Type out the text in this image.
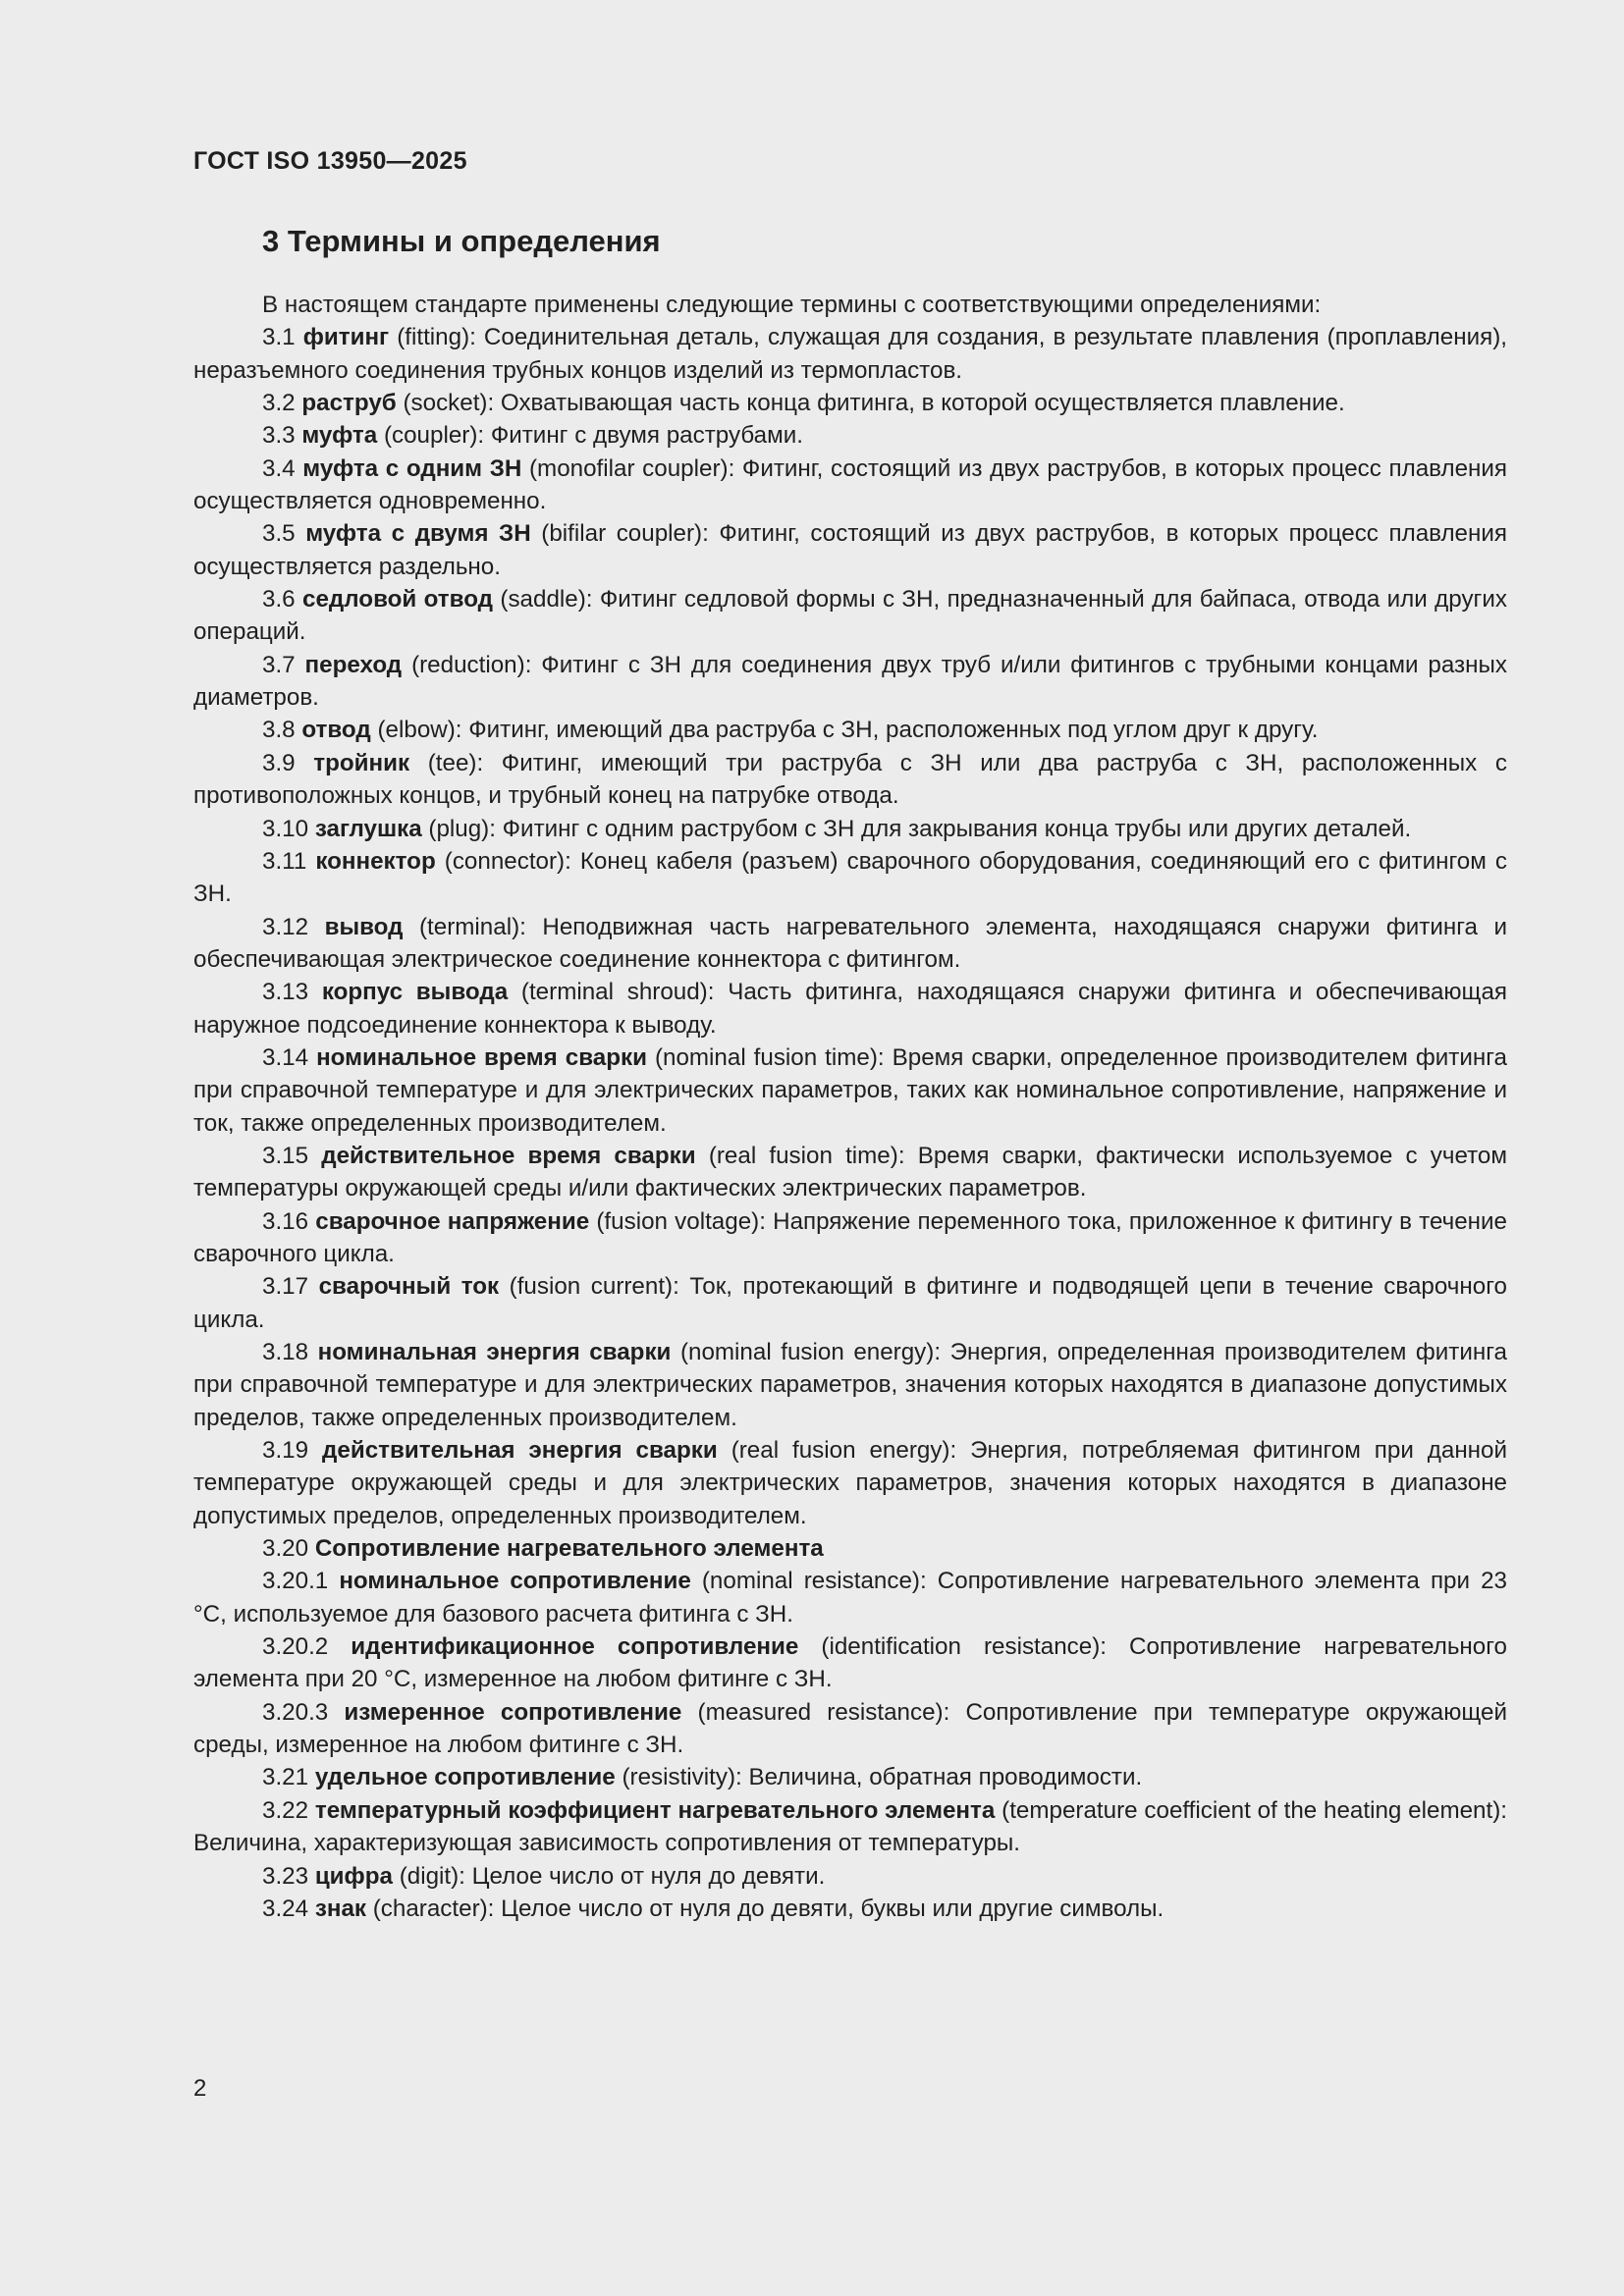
ГОСТ ISO 13950—2025
3 Термины и определения

В настоящем стандарте применены следующие термины с соответствующими определениями:

3.1 фитинг (fitting): Соединительная деталь, служащая для создания, в результате плавления (проплавления), неразъемного соединения трубных концов изделий из термопластов.

3.2 раструб (socket): Охватывающая часть конца фитинга, в которой осуществляется плавление.

3.3 муфта (coupler): Фитинг с двумя раструбами.

3.4 муфта с одним ЗН (monofilar coupler): Фитинг, состоящий из двух раструбов, в которых процесс плавления осуществляется одновременно.

3.5 муфта с двумя ЗН (bifilar coupler): Фитинг, состоящий из двух раструбов, в которых процесс плавления осуществляется раздельно.

3.6 седловой отвод (saddle): Фитинг седловой формы с ЗН, предназначенный для байпаса, отвода или других операций.

3.7 переход (reduction): Фитинг с ЗН для соединения двух труб и/или фитингов с трубными концами разных диаметров.

3.8 отвод (elbow): Фитинг, имеющий два раструба с ЗН, расположенных под углом друг к другу.

3.9 тройник (tee): Фитинг, имеющий три раструба с ЗН или два раструба с ЗН, расположенных с противоположных концов, и трубный конец на патрубке отвода.

3.10 заглушка (plug): Фитинг с одним раструбом с ЗН для закрывания конца трубы или других деталей.

3.11 коннектор (connector): Конец кабеля (разъем) сварочного оборудования, соединяющий его с фитингом с ЗН.

3.12 вывод (terminal): Неподвижная часть нагревательного элемента, находящаяся снаружи фитинга и обеспечивающая электрическое соединение коннектора с фитингом.

3.13 корпус вывода (terminal shroud): Часть фитинга, находящаяся снаружи фитинга и обеспечивающая наружное подсоединение коннектора к выводу.

3.14 номинальное время сварки (nominal fusion time): Время сварки, определенное производителем фитинга при справочной температуре и для электрических параметров, таких как номинальное сопротивление, напряжение и ток, также определенных производителем.

3.15 действительное время сварки (real fusion time): Время сварки, фактически используемое с учетом температуры окружающей среды и/или фактических электрических параметров.

3.16 сварочное напряжение (fusion voltage): Напряжение переменного тока, приложенное к фитингу в течение сварочного цикла.

3.17 сварочный ток (fusion current): Ток, протекающий в фитинге и подводящей цепи в течение сварочного цикла.

3.18 номинальная энергия сварки (nominal fusion energy): Энергия, определенная производителем фитинга при справочной температуре и для электрических параметров, значения которых находятся в диапазоне допустимых пределов, также определенных производителем.

3.19 действительная энергия сварки (real fusion energy): Энергия, потребляемая фитингом при данной температуре окружающей среды и для электрических параметров, значения которых находятся в диапазоне допустимых пределов, определенных производителем.

3.20 Сопротивление нагревательного элемента

3.20.1 номинальное сопротивление (nominal resistance): Сопротивление нагревательного элемента при 23 °C, используемое для базового расчета фитинга с ЗН.

3.20.2 идентификационное сопротивление (identification resistance): Сопротивление нагревательного элемента при 20 °C, измеренное на любом фитинге с ЗН.

3.20.3 измеренное сопротивление (measured resistance): Сопротивление при температуре окружающей среды, измеренное на любом фитинге с ЗН.

3.21 удельное сопротивление (resistivity): Величина, обратная проводимости.

3.22 температурный коэффициент нагревательного элемента (temperature coefficient of the heating element): Величина, характеризующая зависимость сопротивления от температуры.

3.23 цифра (digit): Целое число от нуля до девяти.

3.24 знак (character): Целое число от нуля до девяти, буквы или другие символы.

2
